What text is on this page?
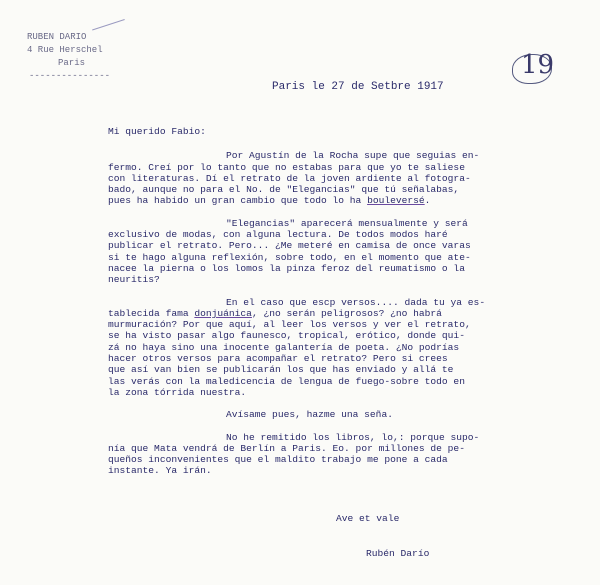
RUBEN DARIO
4 Rue Herschel
Paris
---------------	19
Paris le 27 de Setbre 1917
Mi querido Fabio:
Por Agustín de la Rocha supe que seguias en-
fermo. Creí por lo tanto que no estabas para que yo te saliese
con literaturas. Dí el retrato de la joven ardiente al fotogra-
bado, aunque no para el No. de "Elegancias" que tú señalabas,
pues ha habido un gran cambio que todo lo ha bouleversé.
"Elegancias" aparecerá mensualmente y será
exclusivo de modas, con alguna lectura. De todos modos haré
publicar el retrato. Pero... ¿Me meteré en camisa de once varas
si te hago alguna reflexión, sobre todo, en el momento que ate-
nacee la pierna o los lomos la pinza feroz del reumatismo o la
neuritis?
En el caso que escp versos.... dada tu ya es-
tablecida fama donjuánica, ¿no serán peligrosos? ¿no habrá
murmuración? Por que aquí, al leer los versos y ver el retrato,
se ha visto pasar algo faunesco, tropical, erótico, donde qui-
zá no haya sino una inocente galantería de poeta. ¿No podrías
hacer otros versos para acompañar el retrato? Pero si crees
que así van bien se publicarán los que has enviado y allá te
las verás con la maledicencia de lengua de fuego-sobre todo en
la zona tórrida nuestra.
Avísame pues, hazme una seña.
No he remitido los libros, lo,: porque supo-
nía que Mata vendrá de Berlín a Paris. Eo. por millones de pe-
queños inconvenientes que el maldito trabajo me pone a cada
instante. Ya irán.
Ave et vale
Rubén Darío
